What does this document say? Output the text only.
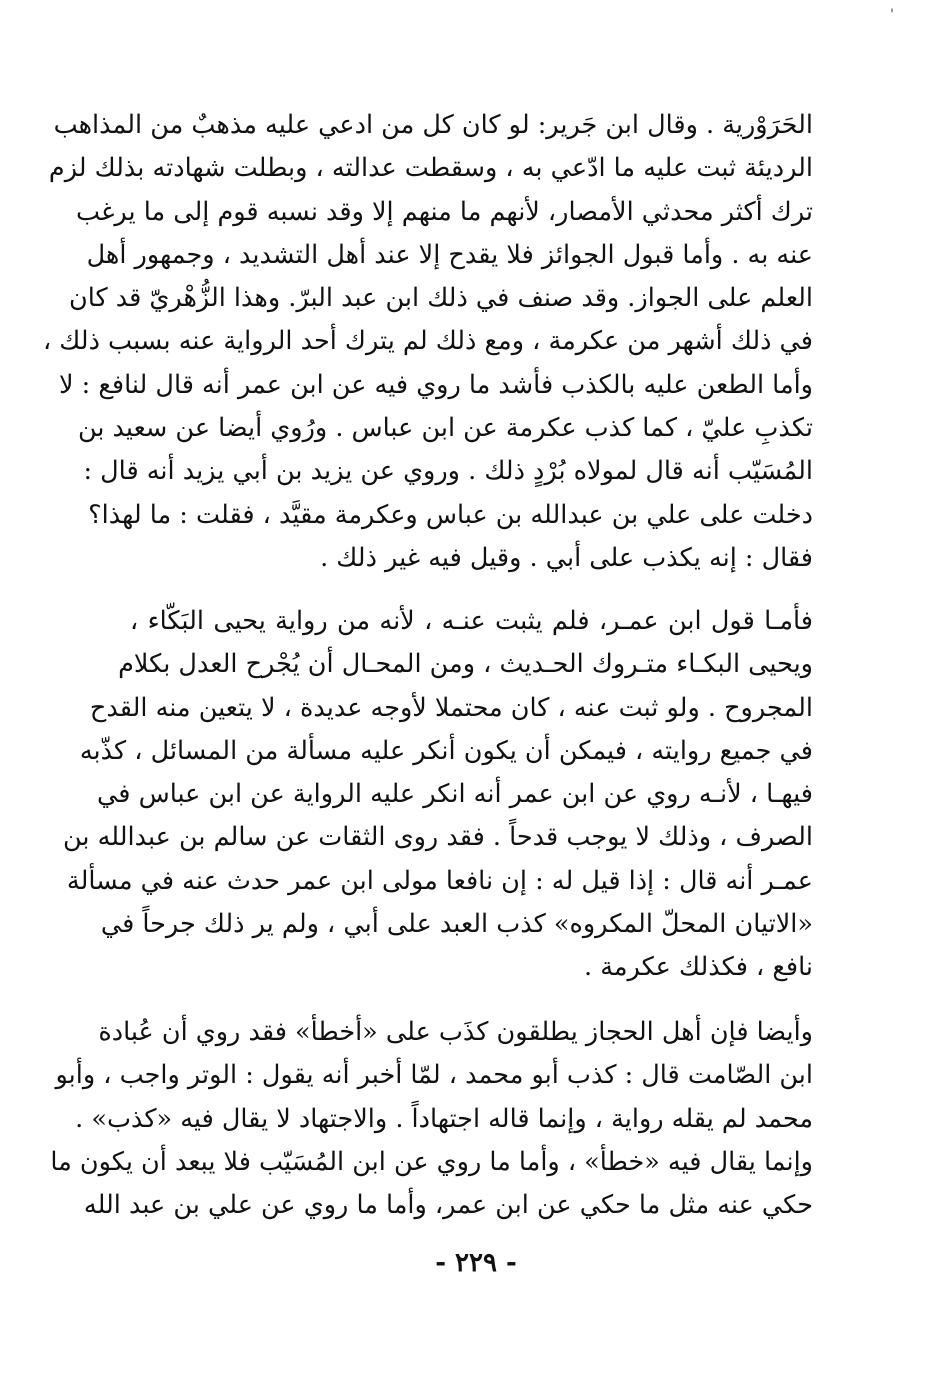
'
الحَرَوْرية . وقال ابن جَرير: لو كان كل من ادعي عليه مذهبٌ من المذاهب
الرديئة ثبت عليه ما ادّعي به ، وسقطت عدالته ، وبطلت شهادته بذلك لزم
ترك أكثر محدثي الأمصار، لأنهم ما منهم إلا وقد نسبه قوم إلى ما يرغب
عنه به . وأما قبول الجوائز فلا يقدح إلا عند أهل التشديد ، وجمهور أهل
العلم على الجواز. وقد صنف في ذلك ابن عبد البرّ. وهذا الزُّهْريّ قد كان
في ذلك أشهر من عكرمة ، ومع ذلك لم يترك أحد الرواية عنه بسبب ذلك ،
وأما الطعن عليه بالكذب فأشد ما روي فيه عن ابن عمر أنه قال لنافع : لا
تكذبِ عليّ ، كما كذب عكرمة عن ابن عباس . ورُوي أيضا عن سعيد بن
المُسَيّب أنه قال لمولاه بُرْدٍ ذلك . وروي عن يزيد بن أبي يزيد أنه قال :
دخلت على علي بن عبدالله بن عباس وعكرمة مقيَّد ، فقلت : ما لهذا؟
فقال : إنه يكذب على أبي . وقيل فيه غير ذلك .
فأمـا قول ابن عمـر، فلم يثبت عنـه ، لأنه من رواية يحيى البَكّاء ،
ويحيى البكـاء متـروك الحـديث ، ومن المحـال أن يُجْرح العدل بكلام
المجروح . ولو ثبت عنه ، كان محتملا لأوجه عديدة ، لا يتعين منه القدح
في جميع روايته ، فيمكن أن يكون أنكر عليه مسألة من المسائل ، كذّبه
فيهـا ، لأنـه روي عن ابن عمر أنه انكر عليه الرواية عن ابن عباس في
الصرف ، وذلك لا يوجب قدحاً . فقد روى الثقات عن سالم بن عبدالله بن
عمـر أنه قال : إذا قيل له : إن نافعا مولى ابن عمر حدث عنه في مسألة
«الاتيان المحلّ المكروه» كذب العبد على أبي ، ولم ير ذلك جرحاً في
نافع ، فكذلك عكرمة .
وأيضا فإن أهل الحجاز يطلقون كذَب على «أخطأ» فقد روي أن عُبادة
ابن الصّامت قال : كذب أبو محمد ، لمّا أخبر أنه يقول : الوتر واجب ، وأبو
محمد لم يقله رواية ، وإنما قاله اجتهاداً . والاجتهاد لا يقال فيه «كذب» .
وإنما يقال فيه «خطأ» ، وأما ما روي عن ابن المُسَيّب فلا يبعد أن يكون ما
حكي عنه مثل ما حكي عن ابن عمر، وأما ما روي عن علي بن عبد الله
- ٢٢٩ -
